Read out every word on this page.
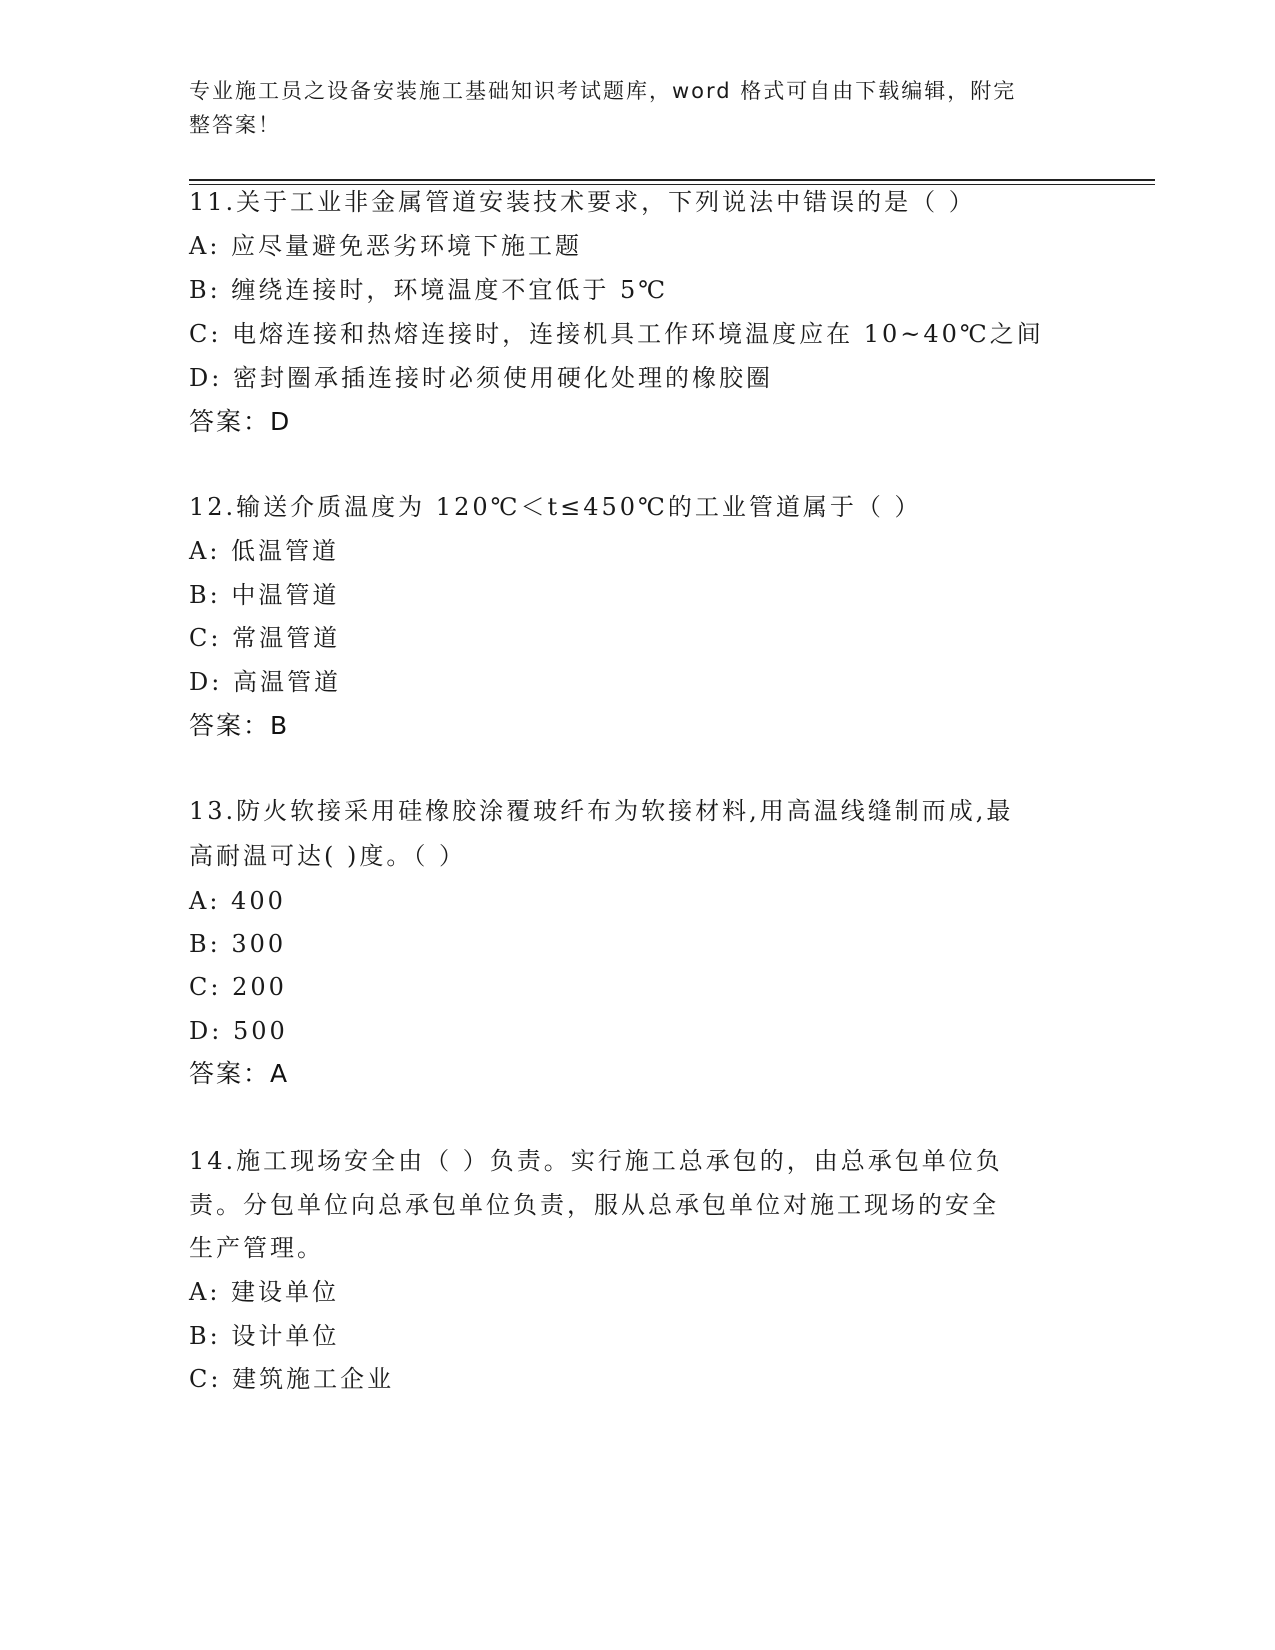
专业施工员之设备安装施工基础知识考试题库，word 格式可自由下载编辑，附完
整答案！
11.关于工业非金属管道安装技术要求，下列说法中错误的是（ ）
A: 应尽量避免恶劣环境下施工题
B: 缠绕连接时，环境温度不宜低于 5℃
C: 电熔连接和热熔连接时，连接机具工作环境温度应在 10~40℃之间
D: 密封圈承插连接时必须使用硬化处理的橡胶圈
答案：D
12.输送介质温度为 120℃＜t≤450℃的工业管道属于（ ）
A: 低温管道
B: 中温管道
C: 常温管道
D: 高温管道
答案：B
13.防火软接采用硅橡胶涂覆玻纤布为软接材料,用高温线缝制而成,最
高耐温可达( )度。（ ）
A: 400
B: 300
C: 200
D: 500
答案：A
14.施工现场安全由（ ）负责。实行施工总承包的，由总承包单位负
责。分包单位向总承包单位负责，服从总承包单位对施工现场的安全
生产管理。
A: 建设单位
B: 设计单位
C: 建筑施工企业
